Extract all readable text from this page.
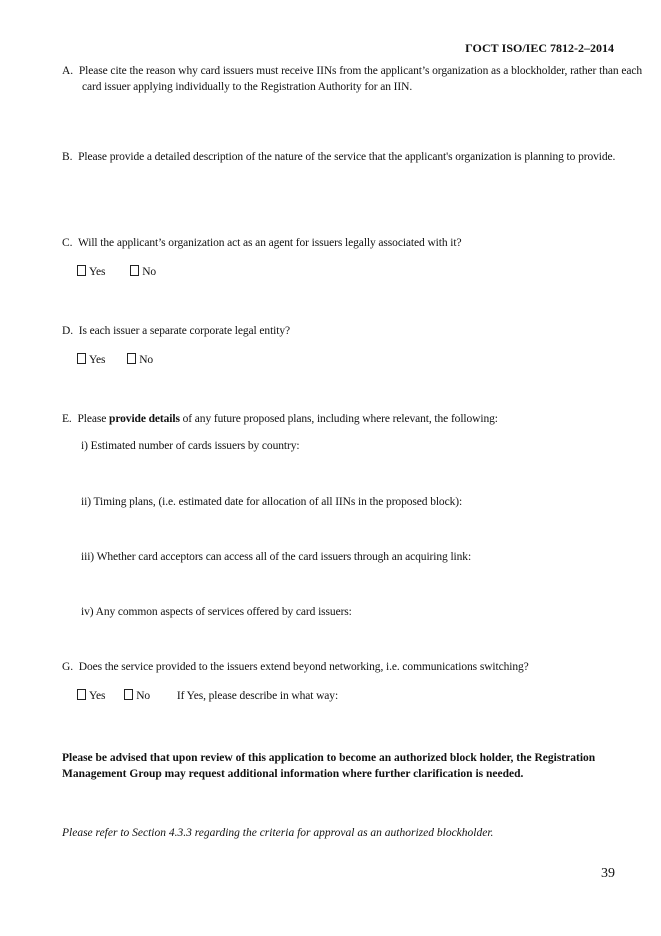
ГОСТ ISO/IEC 7812-2–2014
A. Please cite the reason why card issuers must receive IINs from the applicant’s organization as a blockholder, rather than each card issuer applying individually to the Registration Authority for an IIN.
B. Please provide a detailed description of the nature of the service that the applicant's organization is planning to provide.
C. Will the applicant’s organization act as an agent for issuers legally associated with it?
Yes	No
D. Is each issuer a separate corporate legal entity?
Yes	No
E. Please provide details of any future proposed plans, including where relevant, the following:
i) Estimated number of cards issuers by country:
ii) Timing plans, (i.e. estimated date for allocation of all IINs in the proposed block):
iii) Whether card acceptors can access all of the card issuers through an acquiring link:
iv) Any common aspects of services offered by card issuers:
G. Does the service provided to the issuers extend beyond networking, i.e. communications switching?
Yes	No If Yes, please describe in what way:
Please be advised that upon review of this application to become an authorized block holder, the Registration Management Group may request additional information where further clarification is needed.
Please refer to Section 4.3.3 regarding the criteria for approval as an authorized blockholder.
39
